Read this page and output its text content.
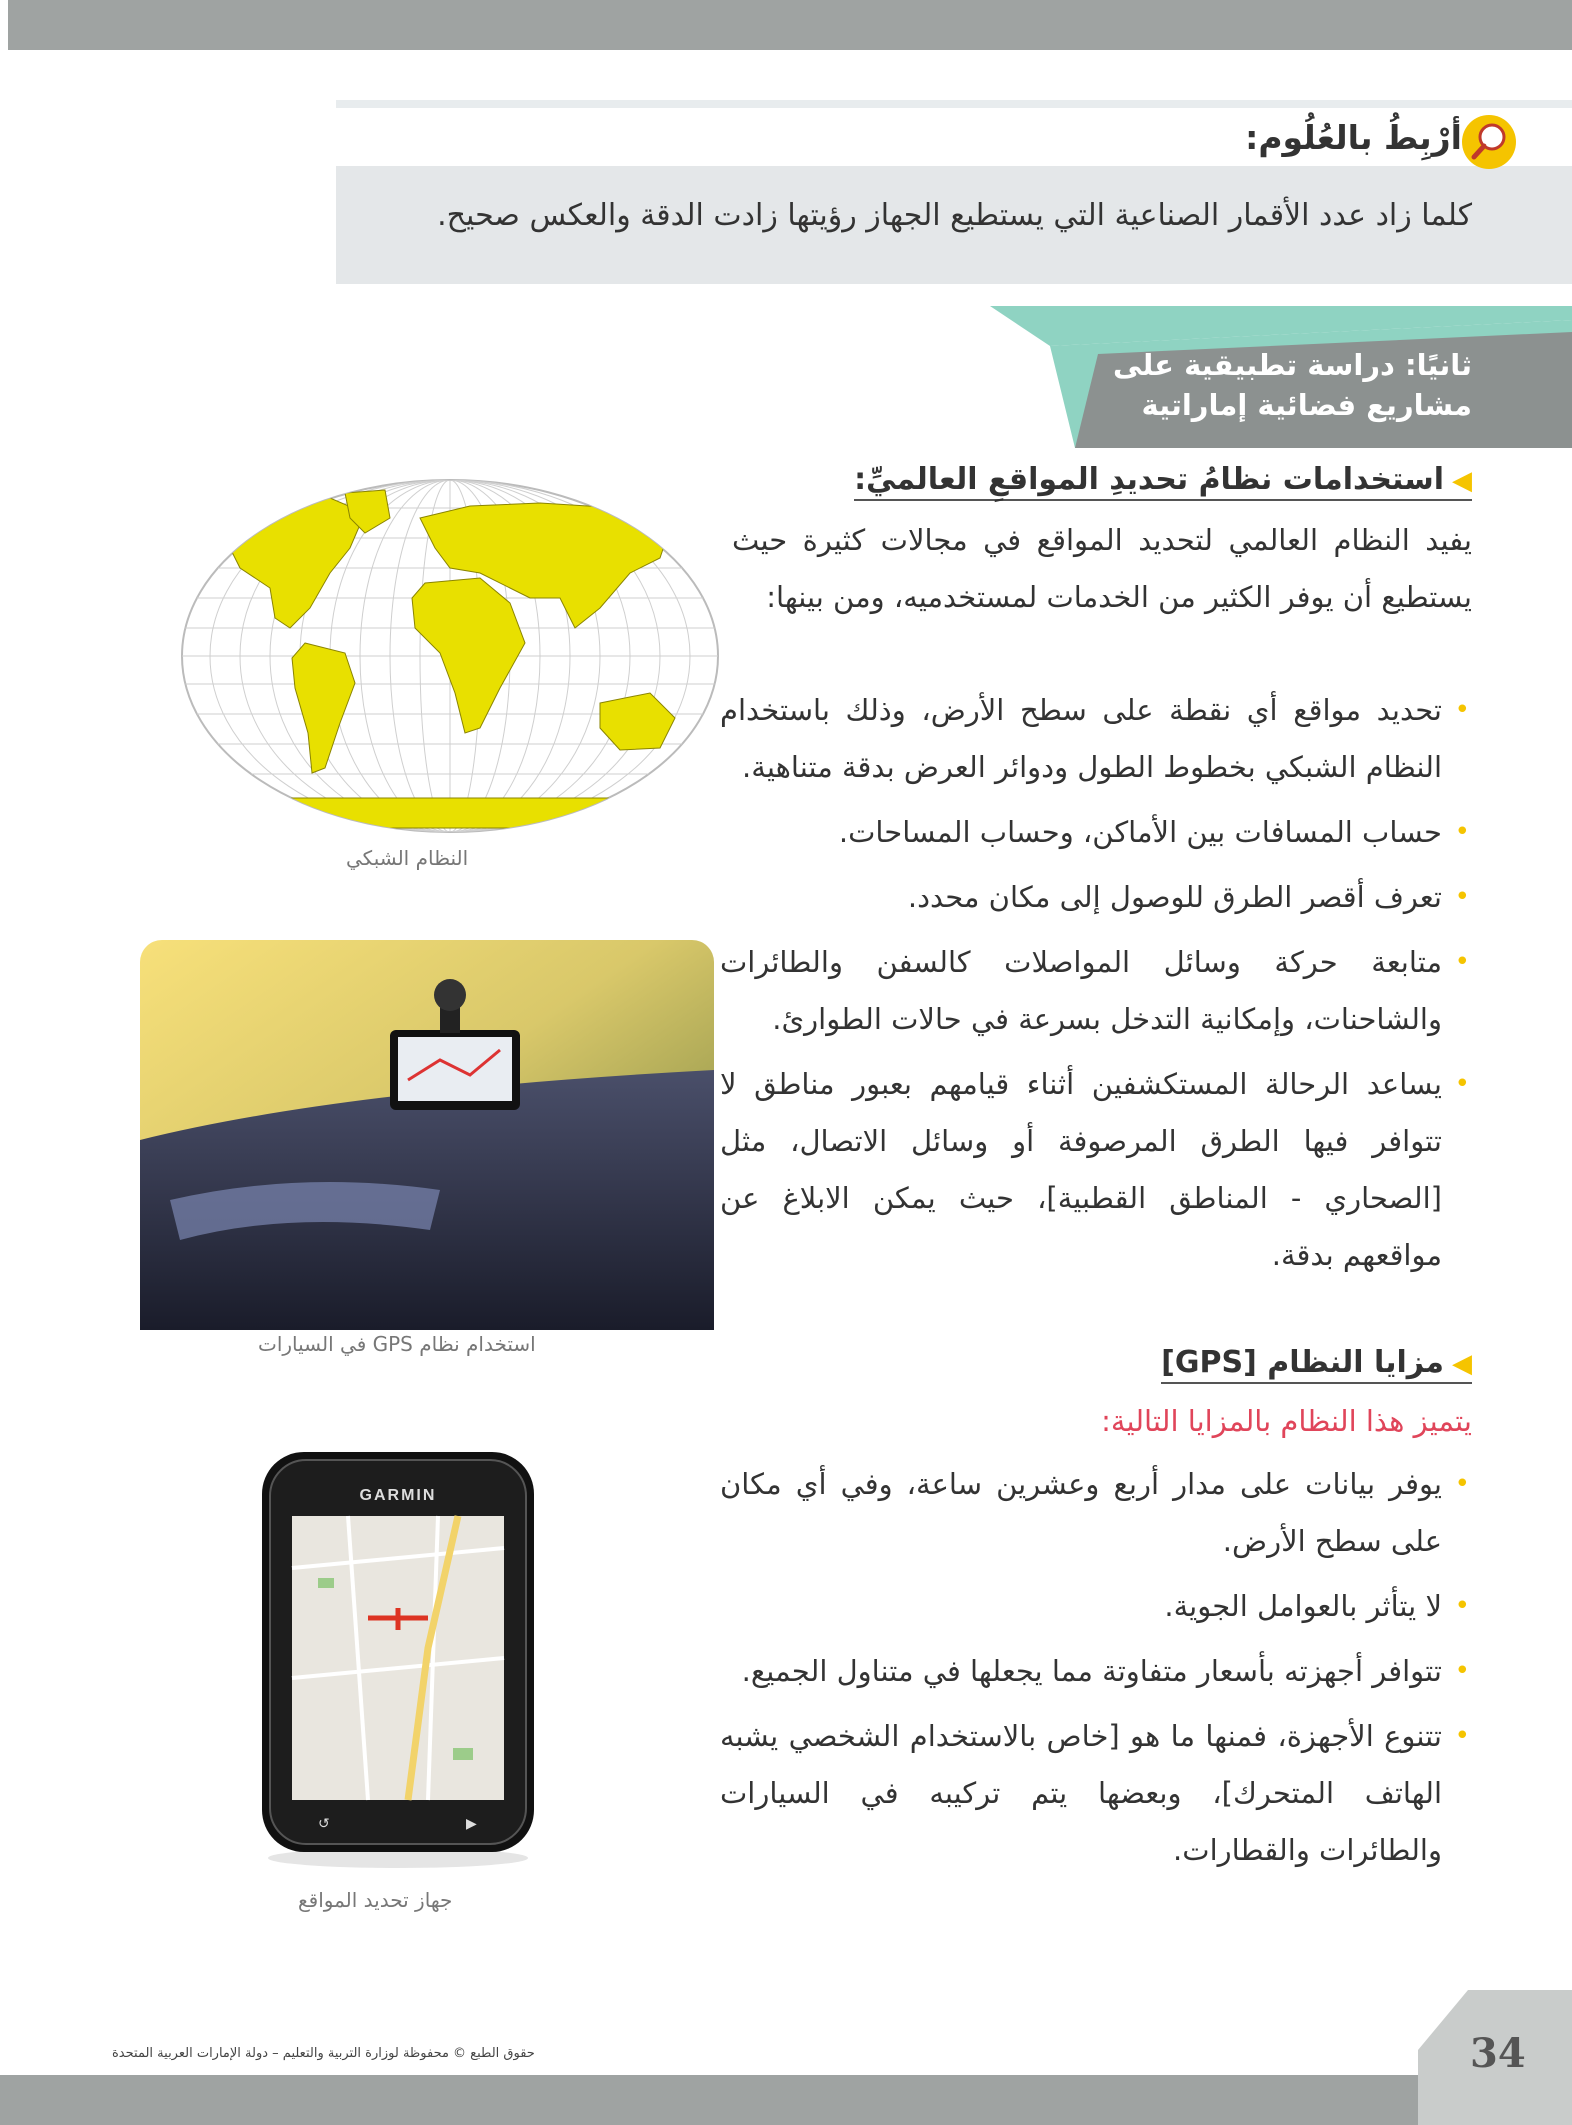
أرْبِطُ بالعُلُوم:
كلما زاد عدد الأقمار الصناعية التي يستطيع الجهاز رؤيتها زادت الدقة والعكس صحيح.
ثانيًا: دراسة تطبيقية على
مشاريع فضائية إماراتية
◀استخدامات نظامُ تحديدِ المواقعِ العالميِّ:
يفيد النظام العالمي لتحديد المواقع في مجالات كثيرة حيث يستطيع أن يوفر الكثير من الخدمات لمستخدميه، ومن بينها:
•
تحديد مواقع أي نقطة على سطح الأرض، وذلك باستخدام النظام الشبكي بخطوط الطول ودوائر العرض بدقة متناهية.
•
حساب المسافات بين الأماكن، وحساب المساحات.
•
تعرف أقصر الطرق للوصول إلى مكان محدد.
•
متابعة حركة وسائل المواصلات كالسفن والطائرات والشاحنات، وإمكانية التدخل بسرعة في حالات الطوارئ.
•
يساعد الرحالة المستكشفين أثناء قيامهم بعبور مناطق لا تتوافر فيها الطرق المرصوفة أو وسائل الاتصال، مثل [الصحاري - المناطق القطبية]، حيث يمكن الابلاغ عن مواقعهم بدقة.
◀مزايا النظام [GPS]
يتميز هذا النظام بالمزايا التالية:
•
يوفر بيانات على مدار أربع وعشرين ساعة، وفي أي مكان على سطح الأرض.
•
لا يتأثر بالعوامل الجوية.
•
تتوافر أجهزته بأسعار متفاوتة مما يجعلها في متناول الجميع.
•
تتنوع الأجهزة، فمنها ما هو [خاص بالاستخدام الشخصي يشبه الهاتف المتحرك]، وبعضها يتم تركيبه في السيارات والطائرات والقطارات.
النظام الشبكي
استخدام نظام GPS في السيارات
GARMIN
↺	▶
جهاز تحديد المواقع
34
حقوق الطبع © محفوظة لوزارة التربية والتعليم – دولة الإمارات العربية المتحدة
